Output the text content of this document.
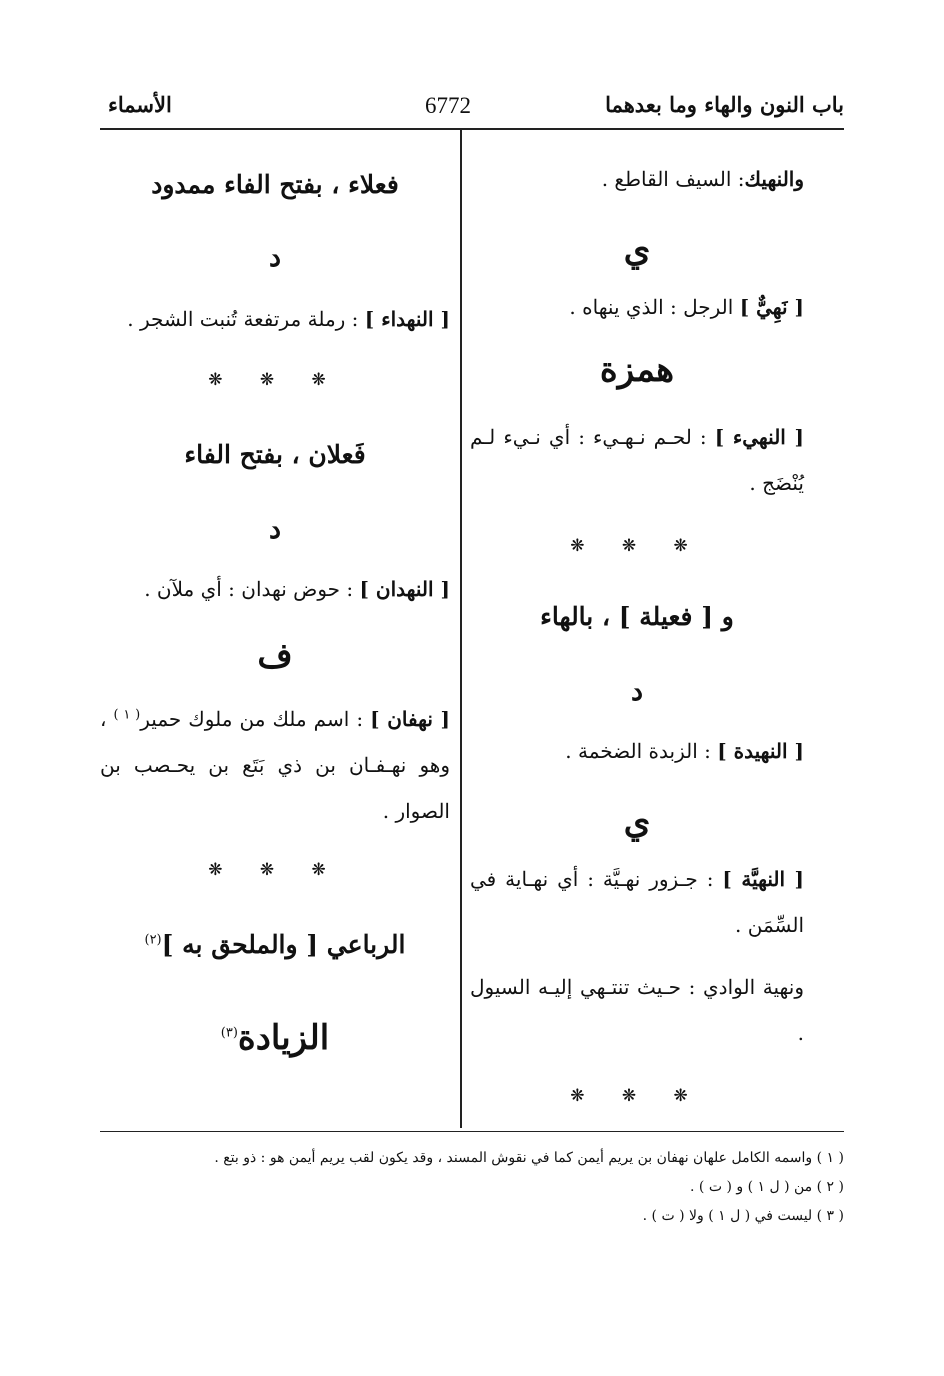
باب النون والهاء وما بعدهما
6772
الأسماء
والنهيك: السيف القاطع .
ي
[ نَهِيٌّ ] الرجل : الذي ينهاه .
همزة
[ النهيء ] : لحـم نـهـيء : أي نـيء لـم يُنْضَج .
❋ ❋ ❋
و [ فعيلة ] ، بالهاء
د
[ النهيدة ] : الزبدة الضخمة .
ي
[ النهيَّة ] : جـزور نهـيَّة : أي نهـاية في السِّمَن .
ونهية الوادي : حـيث تنتـهي إليـه السيول .
❋ ❋ ❋
فعلاء ، بفتح الفاء ممدود
د
[ النهداء ] : رملة مرتفعة تُنبت الشجر .
❋ ❋ ❋
فَعلان ، بفتح الفاء
د
[ النهدان ] : حوض نهدان : أي ملآن .
ف
[ نهفان ] : اسم ملك من ملوك حمير$^{( ١ )}$ ، وهو نهـفـان بن ذي بَتَع بن يحـصب بن الصوار .
❋ ❋ ❋
الرباعي [ والملحق به ]$^{(٢)}$
الزيادة$^{(٣)}$
( ١ ) واسمه الكامل علهان نهفان بن يريم أيمن كما في نقوش المسند ، وقد يكون لقب يريم أيمن هو : ذو بتع .
( ٢ ) من ( ل ١ ) و ( ت ) .
( ٣ ) ليست في ( ل ١ ) ولا ( ت ) .
